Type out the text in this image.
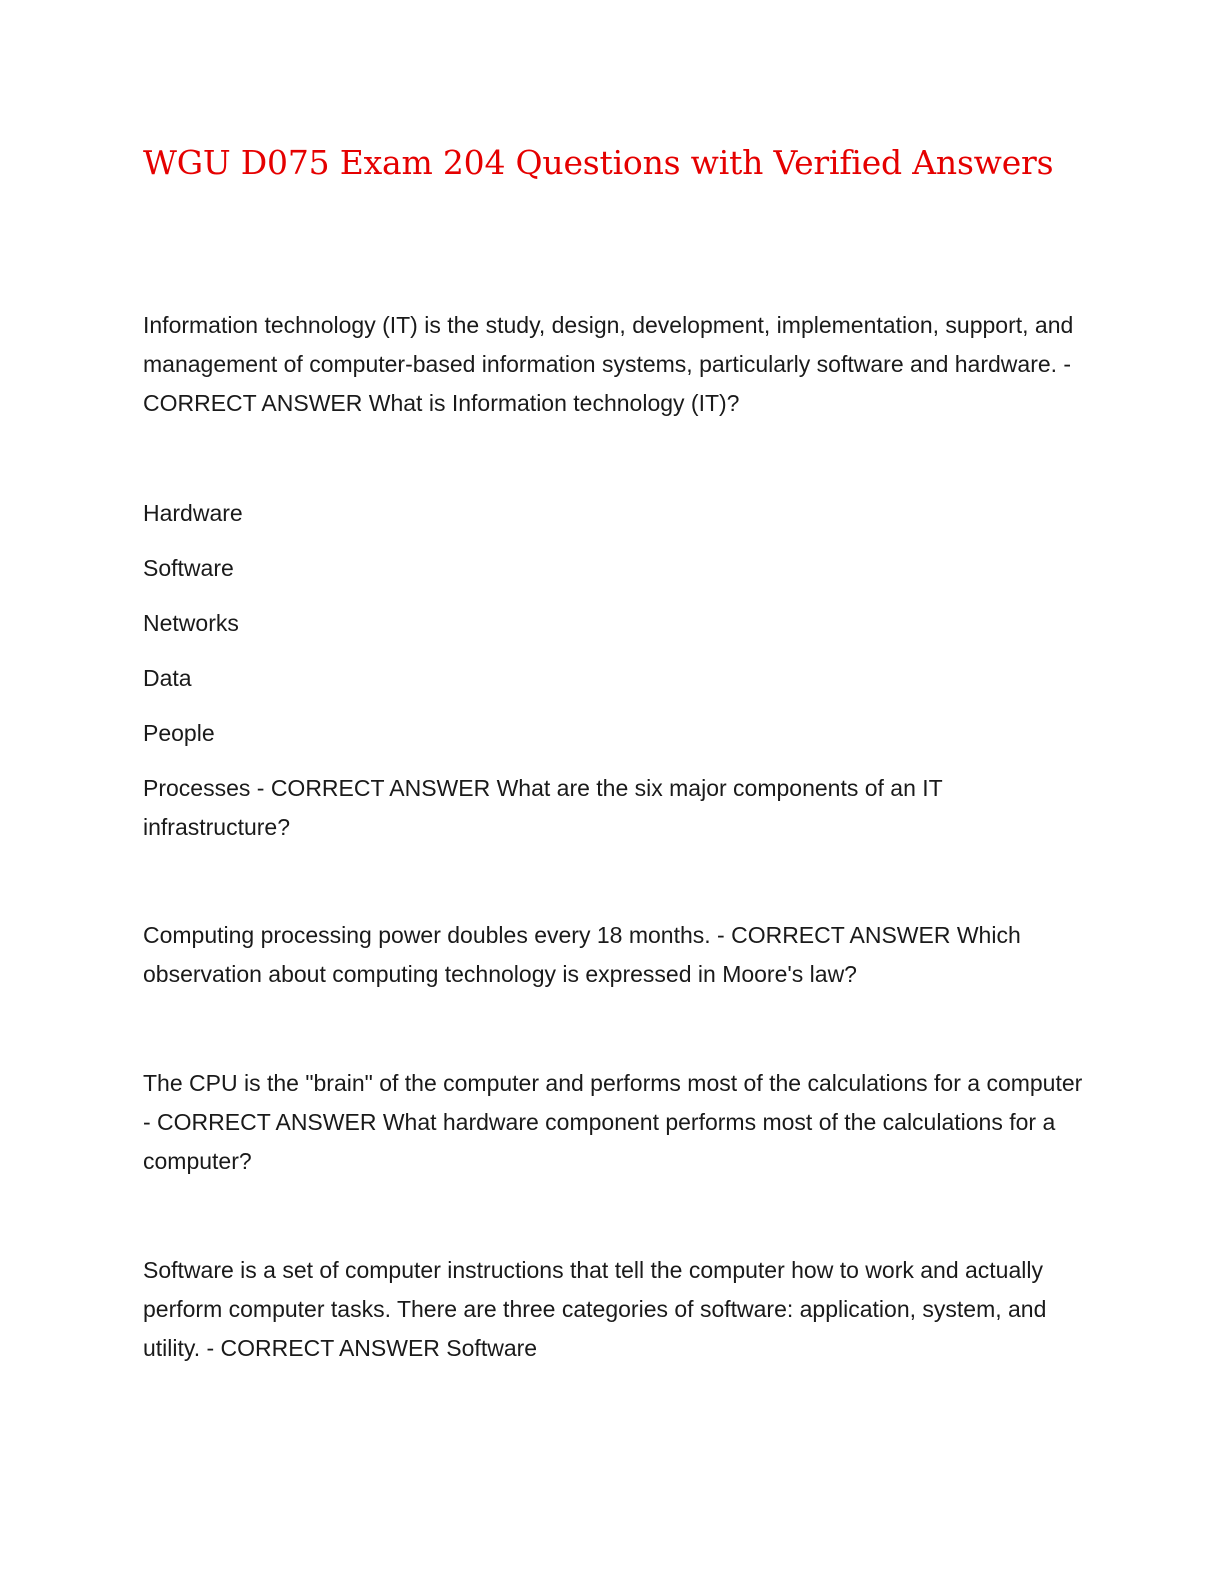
WGU D075 Exam 204 Questions with Verified Answers

Information technology (IT) is the study, design, development, implementation, support, and management of computer-based information systems, particularly software and hardware. - CORRECT ANSWER What is Information technology (IT)?

Hardware
Software
Networks
Data
People
Processes - CORRECT ANSWER What are the six major components of an IT infrastructure?

Computing processing power doubles every 18 months. - CORRECT ANSWER Which observation about computing technology is expressed in Moore's law?

The CPU is the "brain" of the computer and performs most of the calculations for a computer - CORRECT ANSWER What hardware component performs most of the calculations for a computer?

Software is a set of computer instructions that tell the computer how to work and actually perform computer tasks. There are three categories of software: application, system, and utility. - CORRECT ANSWER Software
